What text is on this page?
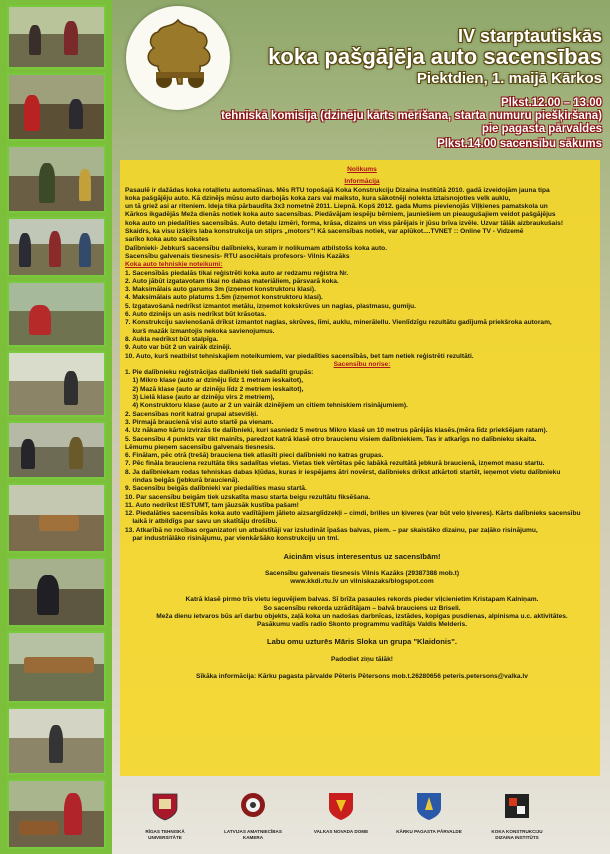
IV starptautiskās
koka pašgājēja auto sacensības
Piektdien, 1. maijā Kārkos
Plkst.12.00 – 13.00
tehniskā komisija (dzinēju kārts mērīšana, starta numuru piešķiršana)
pie pagasta pārvaldes
Plkst.14.00 sacensību sākums
Nolikums
Informācija
Pasaulē ir dažādas koka rotaļlietu automašīnas. Mēs RTU topošajā Koka Konstrukciju Dizaina institūtā 2010. gadā izveidojām jauna tipa
koka pašgājēju auto. Kā dzinējs mūsu auto darbojās koka zars vai maiksto, kura sākotnēji nolekta iztaisnojoties velk auklu,
un tā griež asi ar riteniem. Ideja tika pārbaudīta 3x3 nometnē 2011. Liepnā. Kopš 2012. gada Mums pievienojās Viļķienes pamatskola un
Kārkos ikgadējās Meža dienās notiek koka auto sacensības. Piedāvājam iespēju bērniem, jauniešiem un pieaugušajiem veidot pašgājējus
koka auto un piedalīties sacensībās. Auto detaļu izmēri, forma, krāsa, dizains un viss pārējais ir jūsu brīva izvēle. Uzvar tālāk aizbraukušais!
Skaidrs, ka visu izšķirs laba konstrukcija un stiprs „motors"! Kā sacensības notiek, var aplūkot....TVNET :: Online TV - Vidzemē
sarīko koka auto sacīkstes
Dalībnieki- Jebkurš sacensību dalībnieks, kuram ir nolikumam atbilstošs koka auto.
Sacensību galvenais tiesnesis- RTU asociētais profesors- Vilnis Kazāks
Koka auto tehniskie noteikumi:
1. Sacensībās piedalās tikai reģistrēti koka auto ar redzamu reģistra Nr.
2. Auto jābūt izgatavotam tikai no dabas materiāliem, pārsvarā koka.
3. Maksimālais auto garums 3m (izņemot konstruktoru klasi).
4. Maksimālais auto platums 1.5m (izņemot konstruktoru klasi).
5. Izgatavošanā nedrīkst izmantot metālu, izņemot kokskrūves un naglas, plastmasu, gumiju.
6. Auto dzinējs un asis nedrīkst būt krāsotas.
7. Konstrukciju savienošanā drīkst izmantot naglas, skrūves, līmi, auklu, minerālellu. Vienlīdzīgu rezultātu gadījumā priekšroka autoram,
kurš mazāk izmantojis nekoka savienojumus.
8. Aukla nedrīkst būt stalpīga.
9. Auto var būt 2 un vairāk dzinēji.
10. Auto, kurš neatbilst tehniskajiem noteikumiem, var piedalīties sacensībās, bet tam netiek reģistrēti rezultāti.
Sacensību norise:
1. Pie dalībnieku reģistrācijas dalībnieki tiek sadalīti grupās:
1) Mikro klase (auto ar dzinēju līdz 1 metram ieskaitot),
2) Mazā klase (auto ar dzinēju līdz 2 metriem ieskaitot),
3) Lielā klase (auto ar dzinēju virs 2 metriem),
4) Konstruktoru klase (auto ar 2 un vairāk dzinējiem un citiem tehniskiem risinājumiem).
2. Sacensības norit katrai grupai atsevišķi.
3. Pirmajā braucienā visi auto startē pa vienam.
4. Uz nākamo kārtu izvirzās tie dalībnieki, kuri sasniedz 5 metrus Mikro klasē un 10 metrus pārējās klasēs.(mēra līdz priekšējam ratam).
5. Sacensību 4 punkts var tikt mainīts, paredzot katrā klasē otro braucienu visiem dalībniekiem. Tas ir atkarīgs no dalībnieku skaita.
Lēmumu pieņem sacensību galvenais tiesnesis.
6. Finālam, pēc otrā (trešā) brauciena tiek atlasīti pieci dalībnieki no katras grupas.
7. Pēc fināla brauciena rezultāta tiks sadalītas vietas. Vietas tiek vērtētas pēc labākā rezultātā jebkurā braucienā, izņemot masu startu.
8. Ja dalībniekam rodas tehniskas dabas kļūdas, kuras ir iespējams ātri novērst, dalībnieks drīkst atkārtoti startēt, ieņemot vietu dalībnieku
rindas beigās (jebkurā braucienā).
9. Sacensību beigās dalībnieki var piedalīties masu startā.
10. Par sacensību beigām tiek uzskatīta masu starta beigu rezultātu fiksēšana.
11. Auto nedrīkst IESTUMT, tam jāuzsāk kustība pašam!
12. Piedalāties sacensībās koka auto vadītājiem jālieto aizsarglīdzekļi – cimdi, brilles un ķiveres (var būt velo ķiveres). Kārts dalībnieks sacensību
laikā ir atbildīgs par savu un skatītāju drošību.
13. Atkarībā no rocības organizatori un atbalstītāji var izsludināt īpašas balvas, piem. – par skaistāko dizainu, par zaļāko risinājumu,
par industriālāko risinājumu, par vienkāršāko konstrukciju un tml.
Aicinām visus interesentus uz sacensībām!
Sacensību galvenais tiesnesis Vilnis Kazāks (29387388 mob.t)
www.kkdi.rtu.lv un vilniskazaks/blogspot.com
Katrā klasē pirmo trīs vietu ieguvējiem balvas. Šī brīža pasaules rekords pieder viļcienietim Kristapam Kalniņam.
Šo sacensību rekorda uzrādītājam – balvā brauciens uz Briseli.
Meža dienu ietvaros būs arī darbu objekts, zaļā koka un nadošas darbnīcas, izstādes, kopigas pusdienas, alpinisma u.c. aktivitātes.
Pasākumu vadīs radio Skonto programmu vadītājs Valdis Melderis.
Labu omu uzturēs Māris Sloka un grupa "Klaidonis".
Padodiet ziņu tālāk!
Sīkāka informācija: Kārku pagasta pārvalde Pēteris Pētersons mob.t.26280656 peteris.petersons@valka.lv
RĪGAS TEHNISKĀ UNIVERSITĀTE
LATVIJAS AMATNIECĪBAS KAMERA
VALKAS NOVADA DOME	KĀRKU PAGASTA PĀRVALDE	KOKA KONSTRUKCIJU DIZAINA INSTITŪTS
